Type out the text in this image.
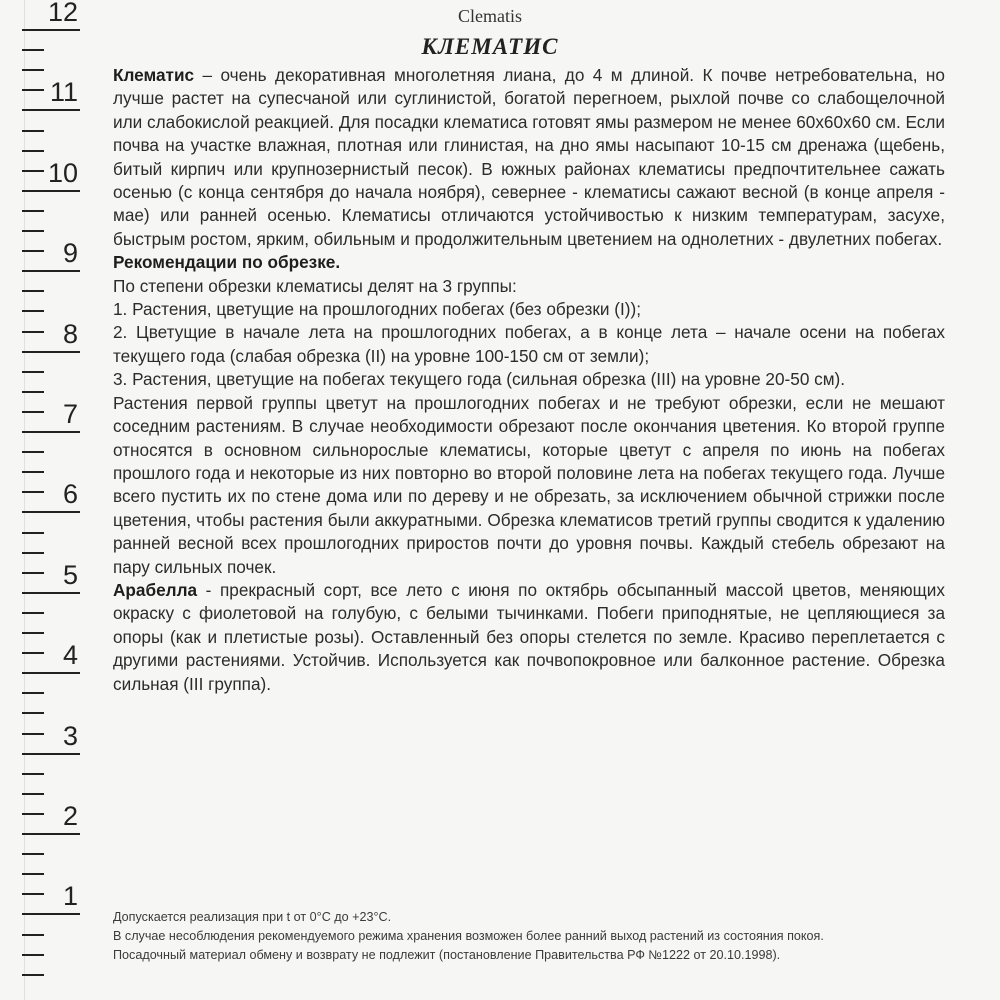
12
11
10
9
8
7
6
5
4
3
2
1
Clematis
КЛЕМАТИС

Клематис – очень декоративная многолетняя лиана, до 4 м длиной. К почве нетребовательна, но лучше растет на супесчаной или суглинистой, богатой перегноем, рыхлой почве со слабощелочной или слабокислой реакцией. Для посадки клематиса готовят ямы размером не менее 60х60х60 см. Если почва на участке влажная, плотная или глинистая, на дно ямы насыпают 10-15 см дренажа (щебень, битый кирпич или крупнозернистый песок). В южных районах клематисы предпочтительнее сажать осенью (с конца сентября до начала ноября), севернее - клематисы сажают весной (в конце апреля - мае) или ранней осенью. Клематисы отличаются устойчивостью к низким температурам, засухе, быстрым ростом, ярким, обильным и продолжительным цветением на однолетних - двулетних побегах.

Рекомендации по обрезке.

По степени обрезки клематисы делят на 3 группы:

1. Растения, цветущие на прошлогодних побегах (без обрезки (I));

2. Цветущие в начале лета на прошлогодних побегах, а в конце лета – начале осени на побегах текущего года (слабая обрезка (II) на уровне 100-150 см от земли);

3. Растения, цветущие на побегах текущего года (сильная обрезка (III) на уровне 20-50 см).

Растения первой группы цветут на прошлогодних побегах и не требуют обрезки, если не мешают соседним растениям. В случае необходимости обрезают после окончания цветения. Ко второй группе относятся в основном сильнорослые клематисы, которые цветут с апреля по июнь на побегах прошлого года и некоторые из них повторно во второй половине лета на побегах текущего года. Лучше всего пустить их по стене дома или по дереву и не обрезать, за исключением обычной стрижки после цветения, чтобы растения были аккуратными. Обрезка клематисов третий группы сводится к удалению ранней весной всех прошлогодних приростов почти до уровня почвы. Каждый стебель обрезают на пару сильных почек.

Арабелла - прекрасный сорт, все лето с июня по октябрь обсыпанный массой цветов, меняющих окраску с фиолетовой на голубую, с белыми тычинками. Побеги приподнятые, не цепляющиеся за опоры (как и плетистые розы). Оставленный без опоры стелется по земле. Красиво переплетается с другими растениями. Устойчив. Используется как почвопокровное или балконное растение. Обрезка сильная (III группа).

Допускается реализация при t от 0°С до +23°С.

В случае несоблюдения рекомендуемого режима хранения возможен более ранний выход растений из состояния покоя.

Посадочный материал обмену и возврату не подлежит (постановление Правительства РФ №1222 от 20.10.1998).
